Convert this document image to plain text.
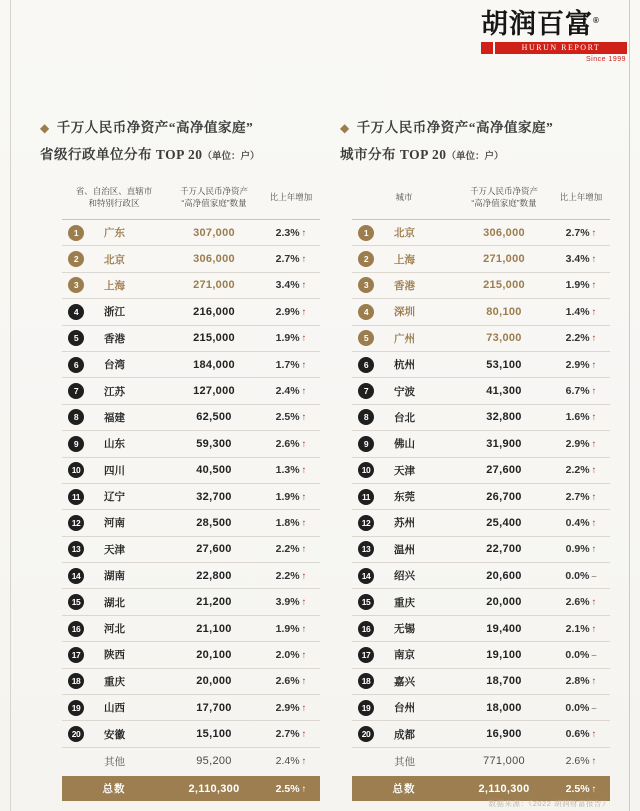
胡润百富®
HURUN REPORT
Since 1999
◆ 千万人民币净资产“高净值家庭”
省级行政单位分布 TOP 20（单位：户）
◆ 千万人民币净资产“高净值家庭”
城市分布 TOP 20（单位：户）
省、自治区、直辖市
和特别行政区
千万人民币净资产
“高净值家庭”数量
比上年增加
1	广东	307,000	2.3% ↑
2	北京	306,000	2.7% ↑
3	上海	271,000	3.4% ↑
4	浙江	216,000	2.9% ↑
5	香港	215,000	1.9% ↑
6	台湾	184,000	1.7% ↑
7	江苏	127,000	2.4% ↑
8	福建	62,500	2.5% ↑
9	山东	59,300	2.6% ↑
10	四川	40,500	1.3% ↑
11	辽宁	32,700	1.9% ↑
12	河南	28,500	1.8% ↑
13	天津	27,600	2.2% ↑
14	湖南	22,800	2.2% ↑
15	湖北	21,200	3.9% ↑
16	河北	21,100	1.9% ↑
17	陕西	20,100	2.0% ↑
18	重庆	20,000	2.6% ↑
19	山西	17,700	2.9% ↑
20	安徽	15,100	2.7% ↑
其他	95,200	2.4% ↑
总数	2,110,300	2.5% ↑
城市
千万人民币净资产
“高净值家庭”数量
比上年增加
1	北京	306,000	2.7% ↑
2	上海	271,000	3.4% ↑
3	香港	215,000	1.9% ↑
4	深圳	80,100	1.4% ↑
5	广州	73,000	2.2% ↑
6	杭州	53,100	2.9% ↑
7	宁波	41,300	6.7% ↑
8	台北	32,800	1.6% ↑
9	佛山	31,900	2.9% ↑
10	天津	27,600	2.2% ↑
11	东莞	26,700	2.7% ↑
12	苏州	25,400	0.4% ↑
13	温州	22,700	0.9% ↑
14	绍兴	20,600	0.0% –
15	重庆	20,000	2.6% ↑
16	无锡	19,400	2.1% ↑
17	南京	19,100	0.0% –
18	嘉兴	18,700	2.8% ↑
19	台州	18,000	0.0% –
20	成都	16,900	0.6% ↑
其他	771,000	2.6% ↑
总数	2,110,300	2.5% ↑
数据来源：《2022 胡润财富报告》
